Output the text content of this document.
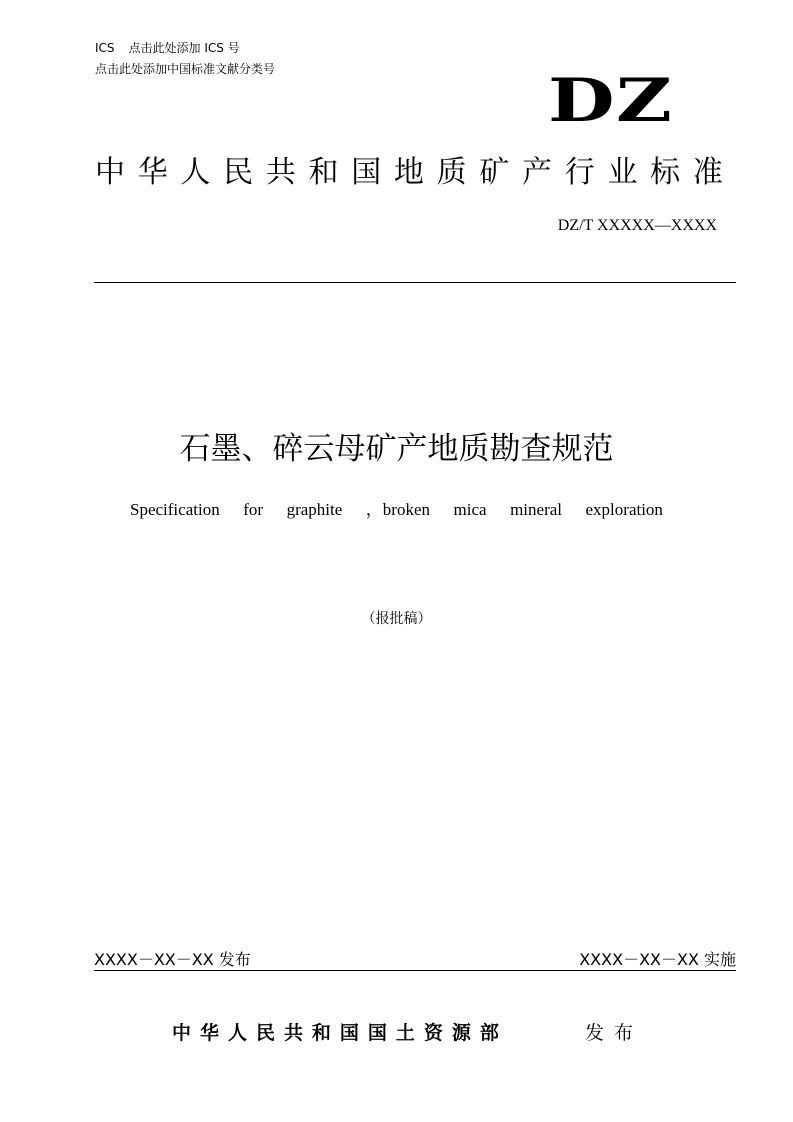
ICS 点击此处添加 ICS 号
点击此处添加中国标准文献分类号	DZ
中 华 人 民 共 和 国 地 质 矿 产 行 业 标 准
DZ/T XXXXX—XXXX
石墨、碎云母矿产地质勘查规范
Specification for graphite ，broken mica mineral exploration
（报批稿）
XXXX－XX－XX 发布	XXXX－XX－XX 实施
中 华 人 民 共 和 国 国 土 资 源 部	发 布
